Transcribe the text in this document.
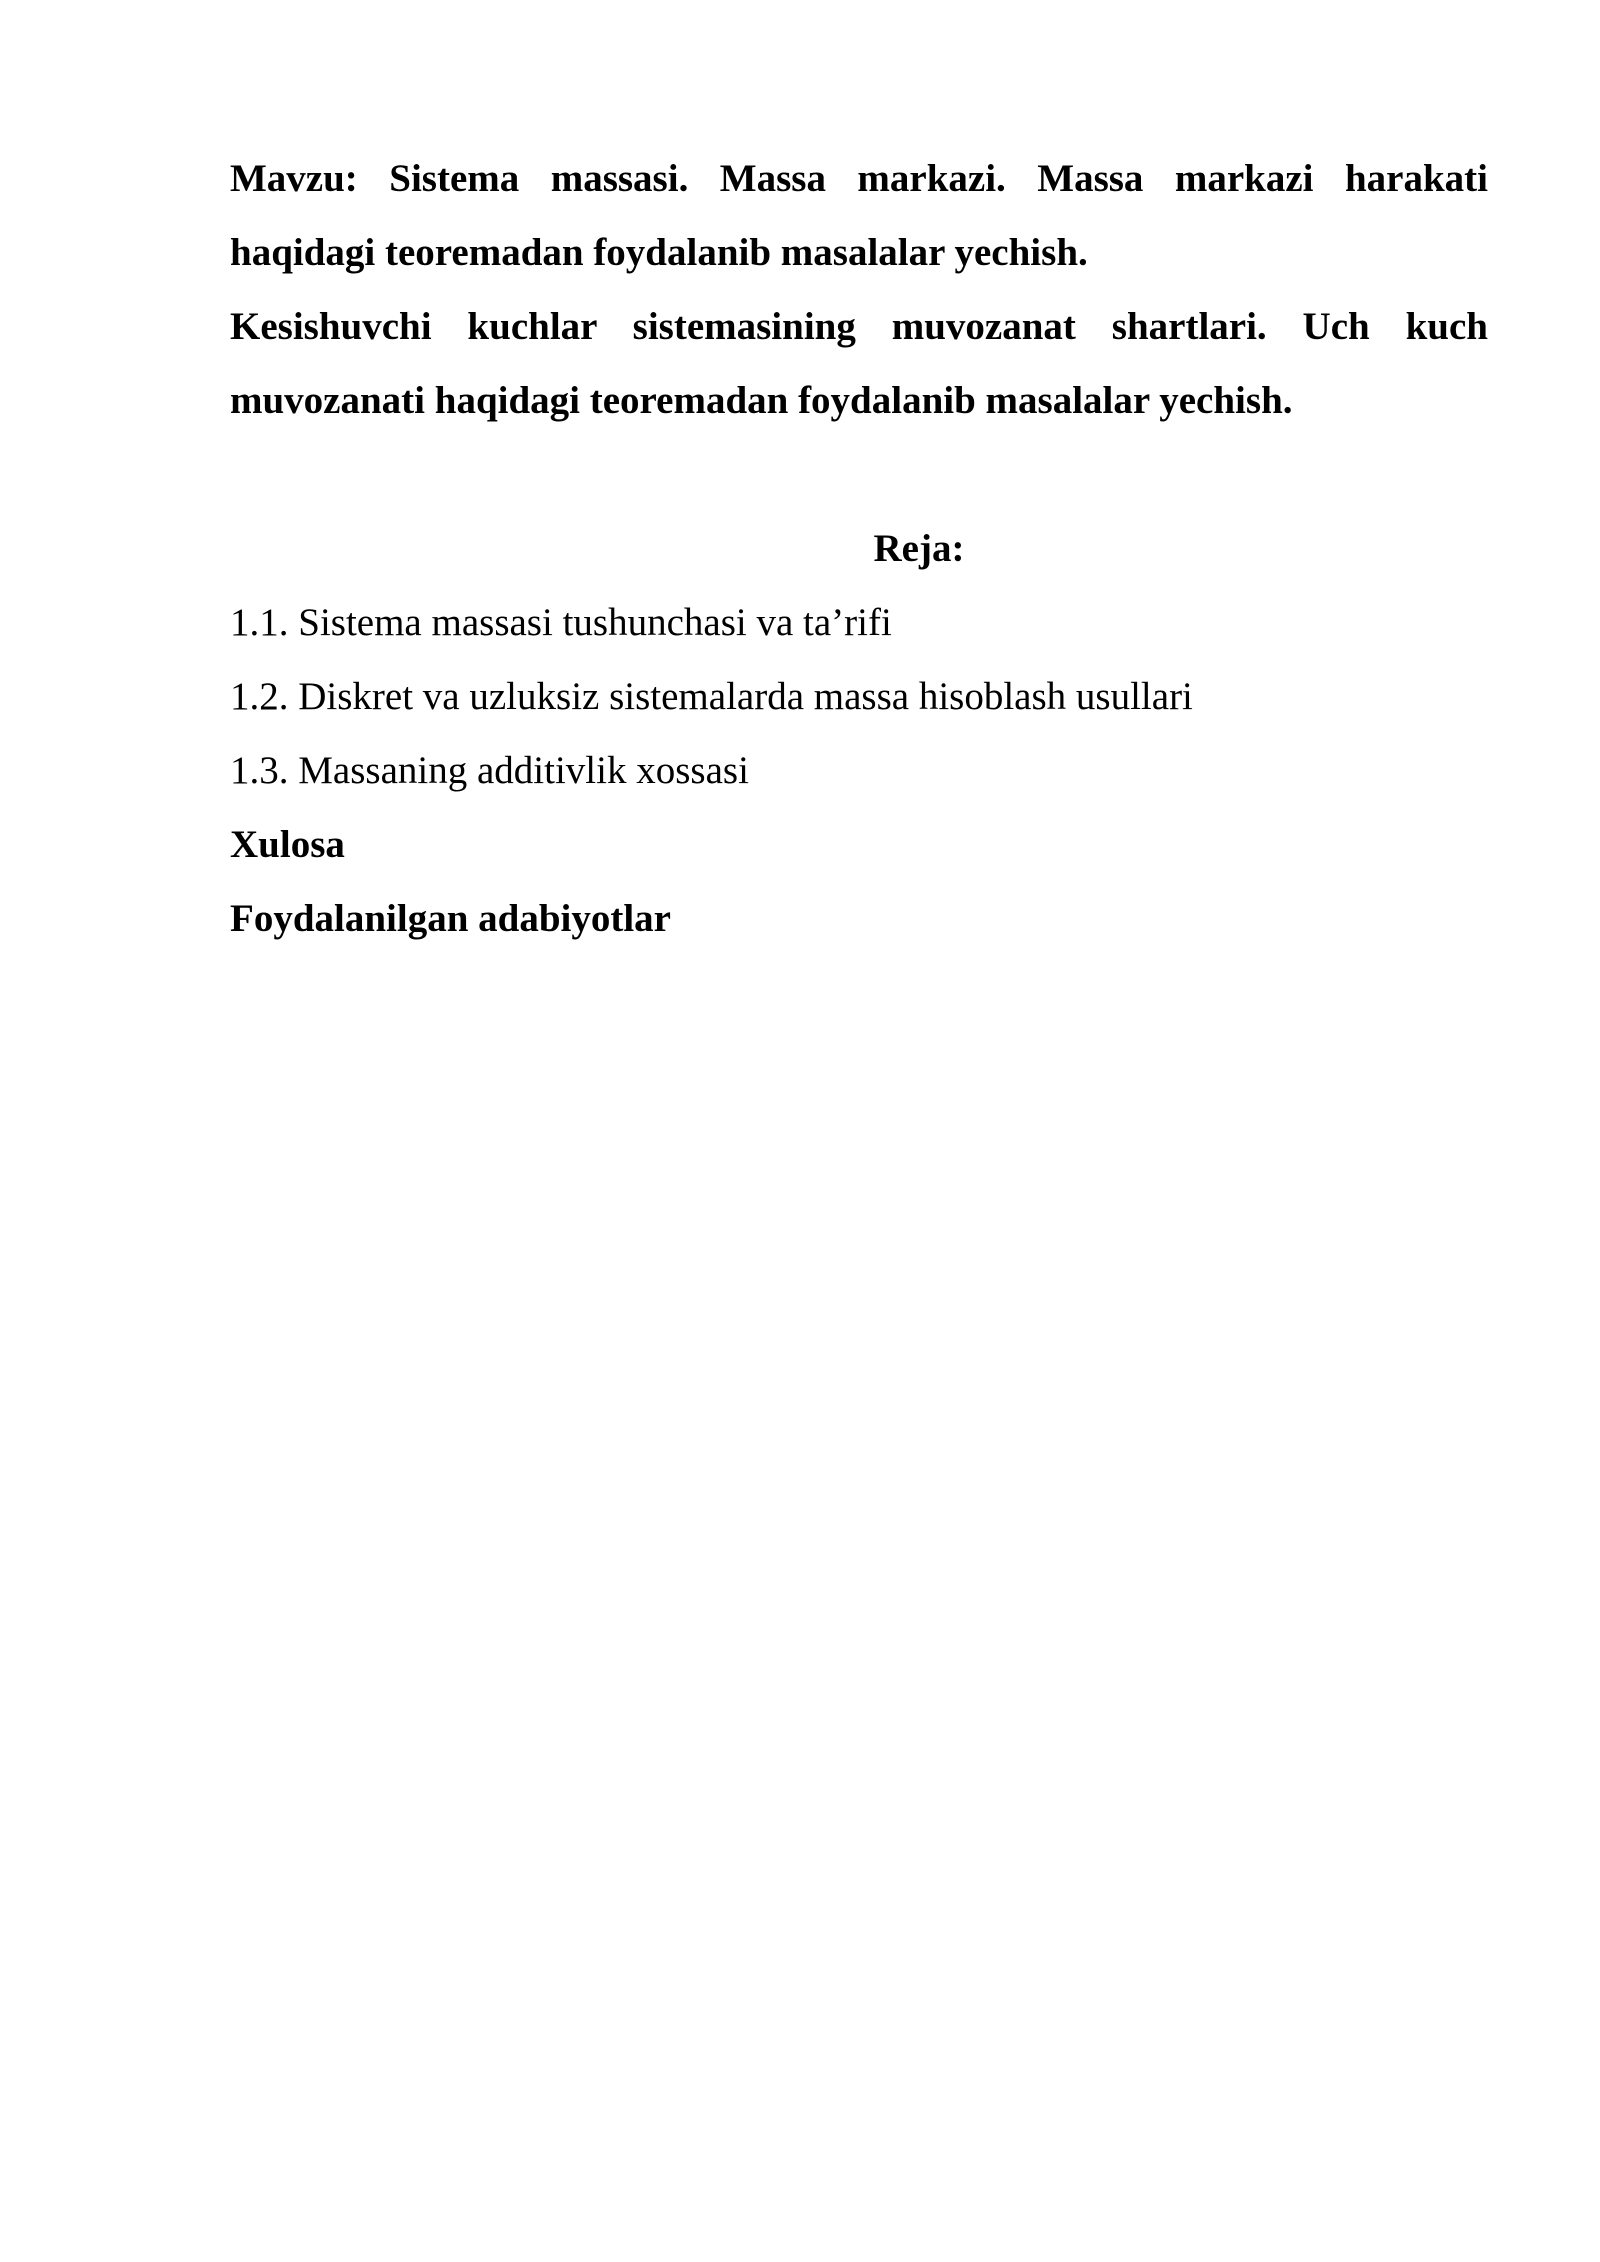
Mavzu: Sistema massasi. Massa markazi. Massa markazi harakati haqidagi teoremadan foydalanib masalalar yechish.

Kesishuvchi kuchlar sistemasining muvozanat shartlari. Uch kuch muvozanati haqidagi teoremadan foydalanib masalalar yechish.

Reja:

1.1. Sistema massasi tushunchasi va ta’rifi

1.2. Diskret va uzluksiz sistemalarda massa hisoblash usullari

1.3. Massaning additivlik xossasi

Xulosa

Foydalanilgan adabiyotlar
